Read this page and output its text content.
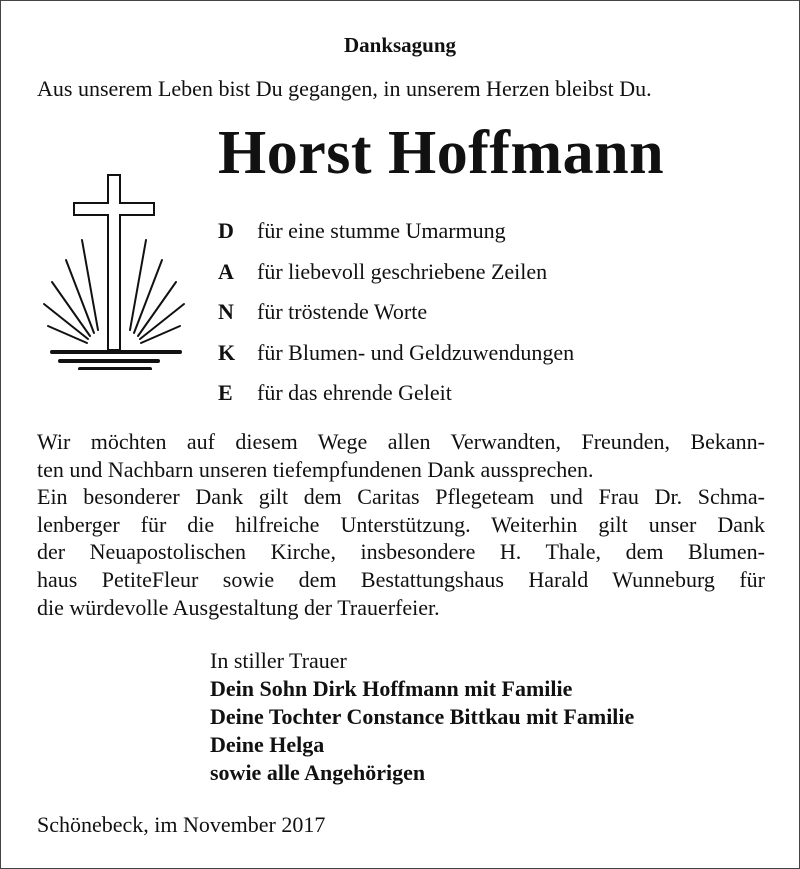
Danksagung
Aus unserem Leben bist Du gegangen, in unserem Herzen bleibst Du.
Horst Hoffmann
D für eine stumme Umarmung
A für liebevoll geschriebene Zeilen
N für tröstende Worte
K für Blumen- und Geldzuwendungen
E für das ehrende Geleit
Wir möchten auf diesem Wege allen Verwandten, Freunden, Bekann-
ten und Nachbarn unseren tiefempfundenen Dank aussprechen.
Ein besonderer Dank gilt dem Caritas Pflegeteam und Frau Dr. Schma-
lenberger für die hilfreiche Unterstützung. Weiterhin gilt unser Dank
der Neuapostolischen Kirche, insbesondere H. Thale, dem Blumen-
haus PetiteFleur sowie dem Bestattungshaus Harald Wunneburg für
die würdevolle Ausgestaltung der Trauerfeier.
In stiller Trauer
Dein Sohn Dirk Hoffmann mit Familie
Deine Tochter Constance Bittkau mit Familie
Deine Helga
sowie alle Angehörigen
Schönebeck, im November 2017
